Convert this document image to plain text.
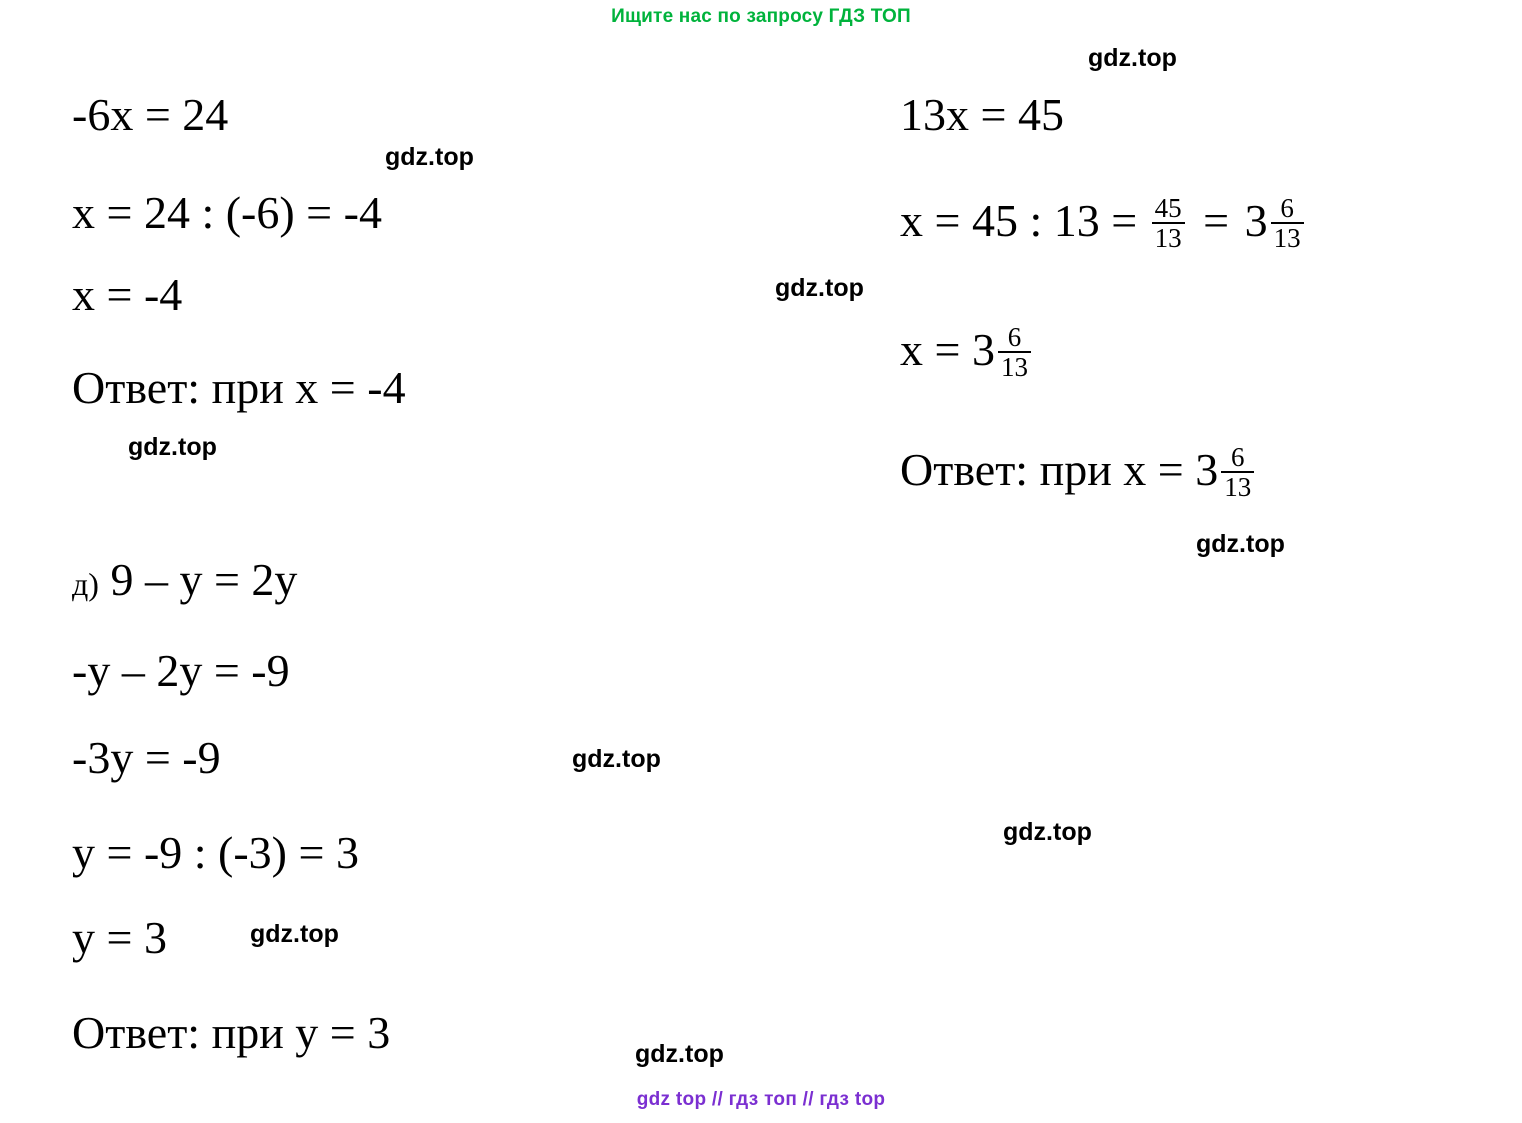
Ищите нас по запросу ГДЗ ТОП
-6х = 24
х = 24 : (-6) = -4
х = -4
Ответ: при х = -4
д) 9 – у = 2у
-у – 2у = -9
-3у = -9
у = -9 : (-3) = 3
у = 3
Ответ: при у = 3
13х = 45
х = 45 : $13 = \frac{45}{13} = 3 \frac{6}{13}$
$х = 3 \frac{6}{13}$
Ответ: при $х = 3 \frac{6}{13}$
gdz.top
gdz.top
gdz.top
gdz.top
gdz.top
gdz.top
gdz.top
gdz.top
gdz.top
gdz top // гдз топ // гдз top
